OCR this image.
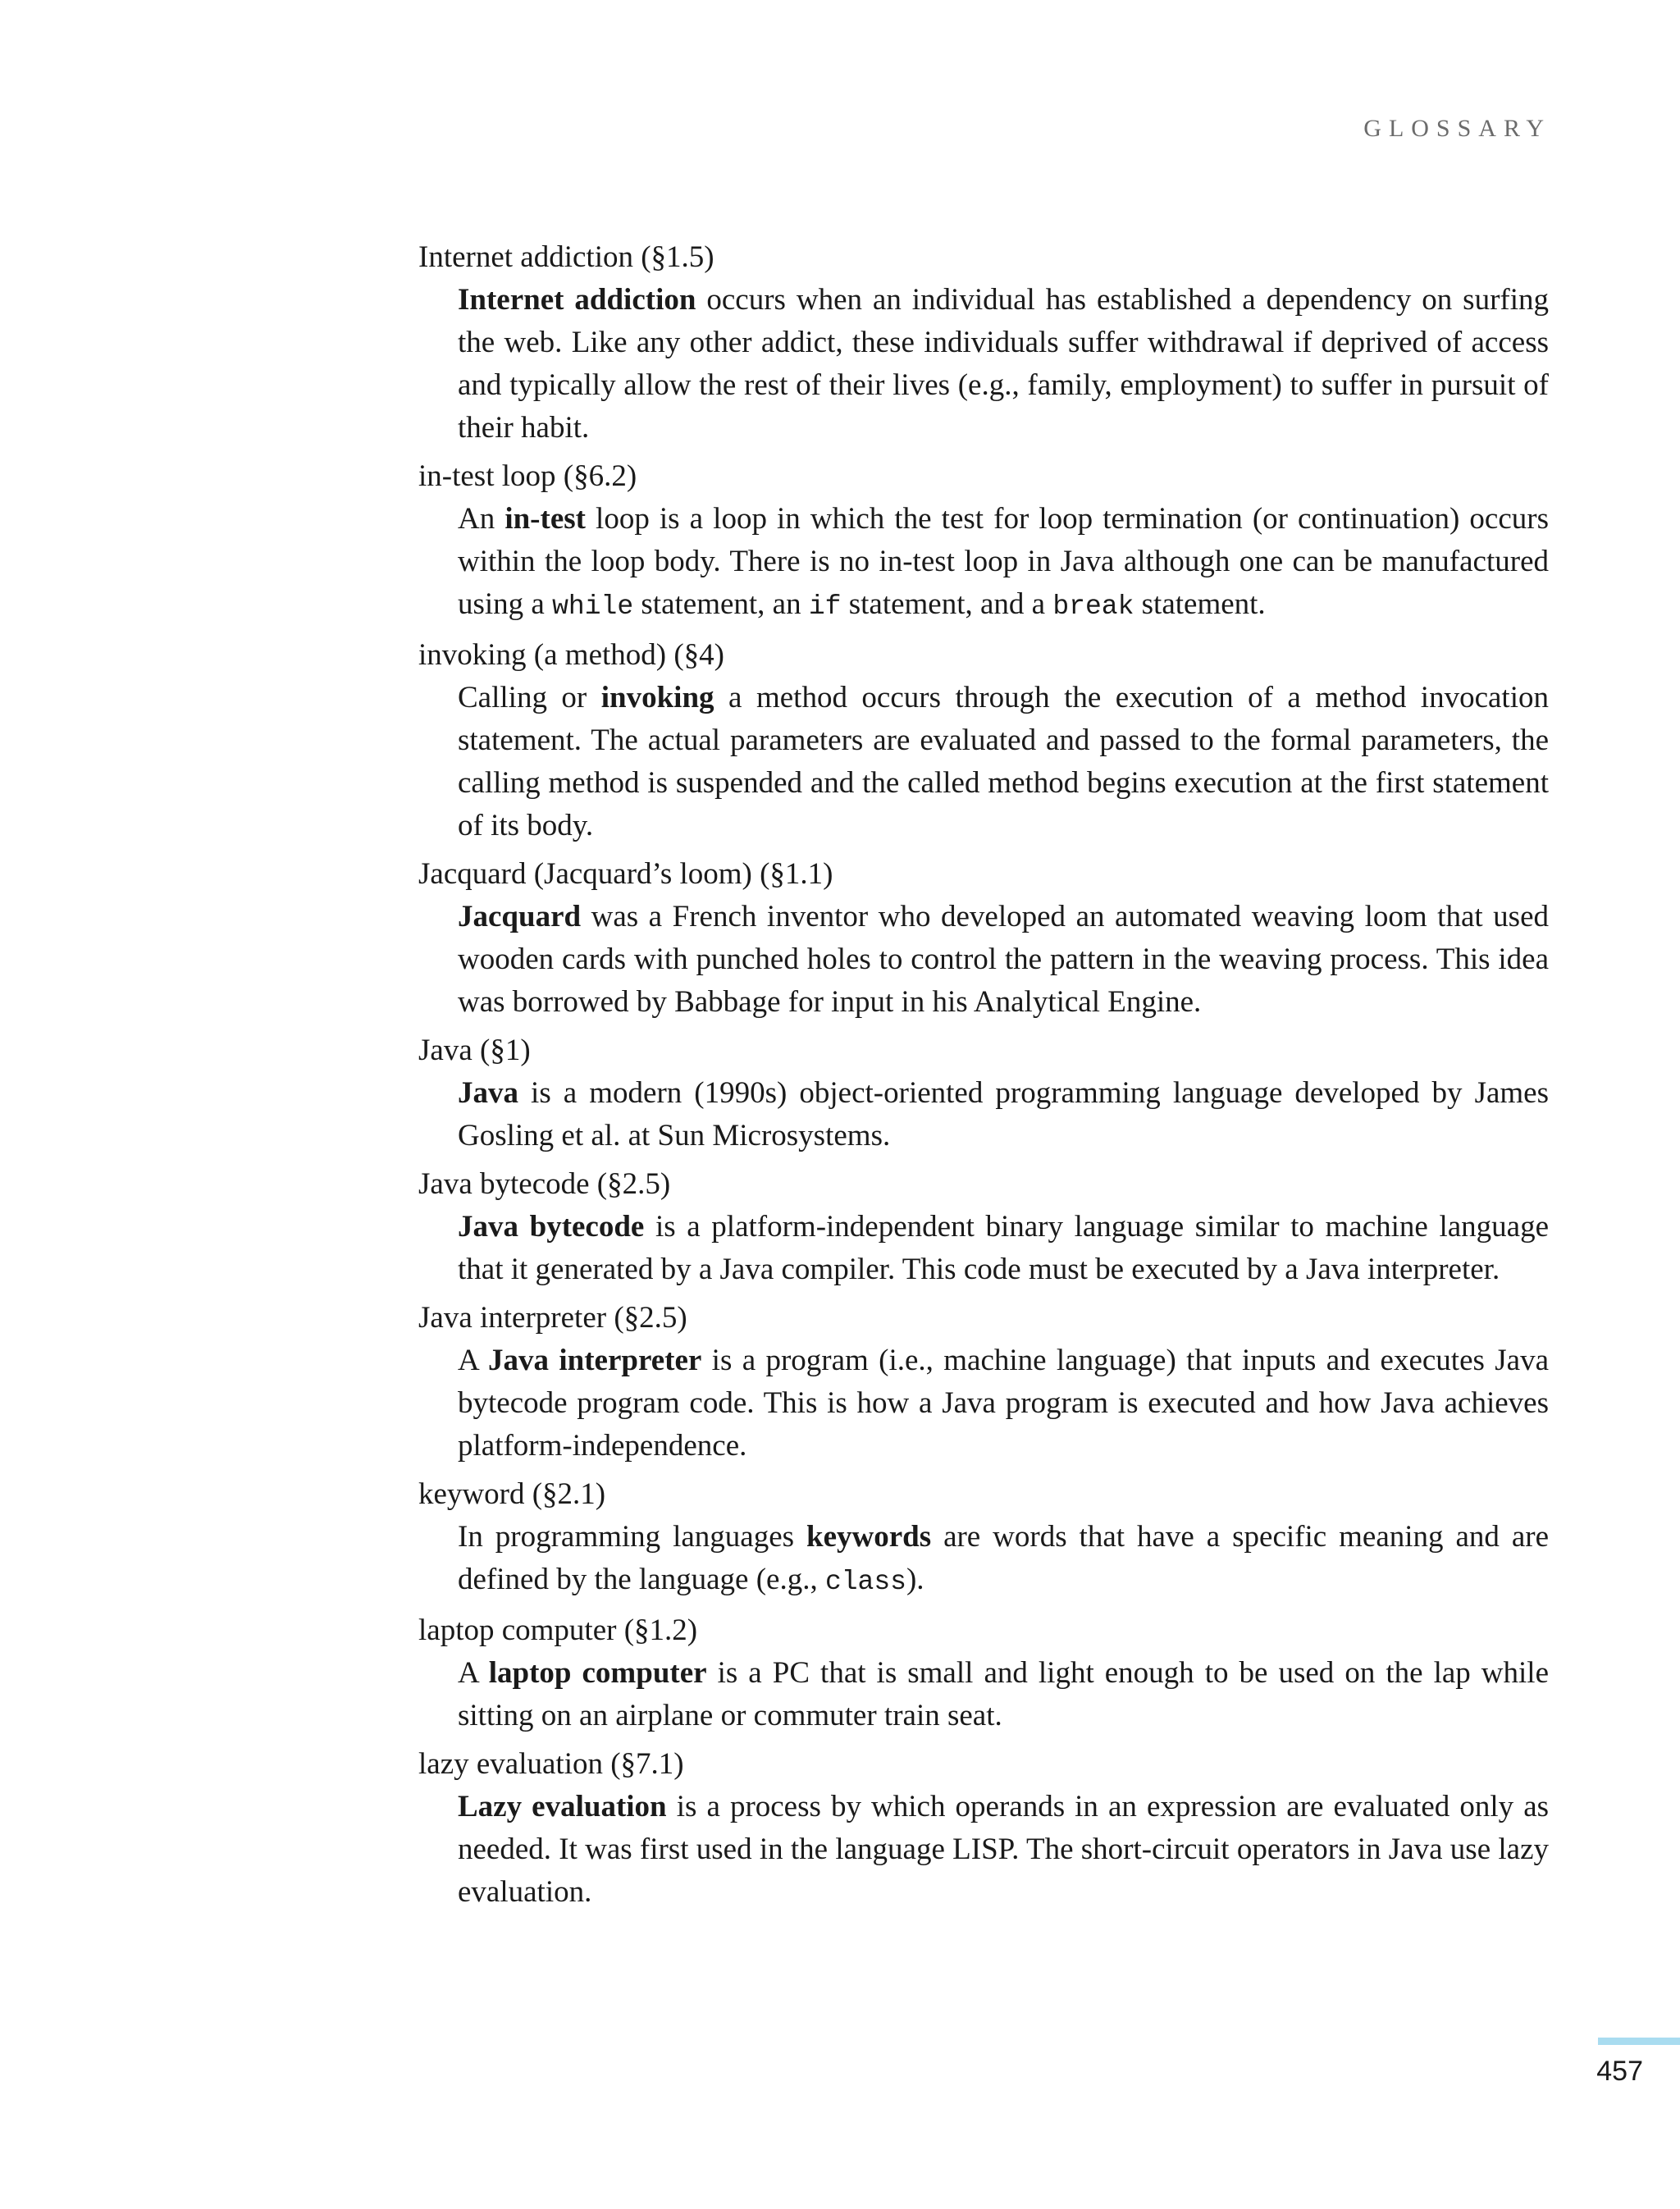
GLOSSARY
Internet addiction (§1.5)
Internet addiction occurs when an individual has established a dependency on surfing the web. Like any other addict, these individuals suffer withdrawal if deprived of access and typically allow the rest of their lives (e.g., family, employment) to suffer in pursuit of their habit.
in-test loop (§6.2)
An in-test loop is a loop in which the test for loop termination (or continuation) occurs within the loop body. There is no in-test loop in Java although one can be manufactured using a while statement, an if statement, and a break statement.
invoking (a method) (§4)
Calling or invoking a method occurs through the execution of a method invocation statement. The actual parameters are evaluated and passed to the formal parameters, the calling method is suspended and the called method begins execution at the first statement of its body.
Jacquard (Jacquard’s loom) (§1.1)
Jacquard was a French inventor who developed an automated weaving loom that used wooden cards with punched holes to control the pattern in the weaving process. This idea was borrowed by Babbage for input in his Analytical Engine.
Java (§1)
Java is a modern (1990s) object-oriented programming language developed by James Gosling et al. at Sun Microsystems.
Java bytecode (§2.5)
Java bytecode is a platform-independent binary language similar to machine language that it generated by a Java compiler. This code must be executed by a Java interpreter.
Java interpreter (§2.5)
A Java interpreter is a program (i.e., machine language) that inputs and executes Java bytecode program code. This is how a Java program is executed and how Java achieves platform-independence.
keyword (§2.1)
In programming languages keywords are words that have a specific meaning and are defined by the language (e.g., class).
laptop computer (§1.2)
A laptop computer is a PC that is small and light enough to be used on the lap while sitting on an airplane or commuter train seat.
lazy evaluation (§7.1)
Lazy evaluation is a process by which operands in an expression are evaluated only as needed. It was first used in the language LISP. The short-circuit operators in Java use lazy evaluation.
457
